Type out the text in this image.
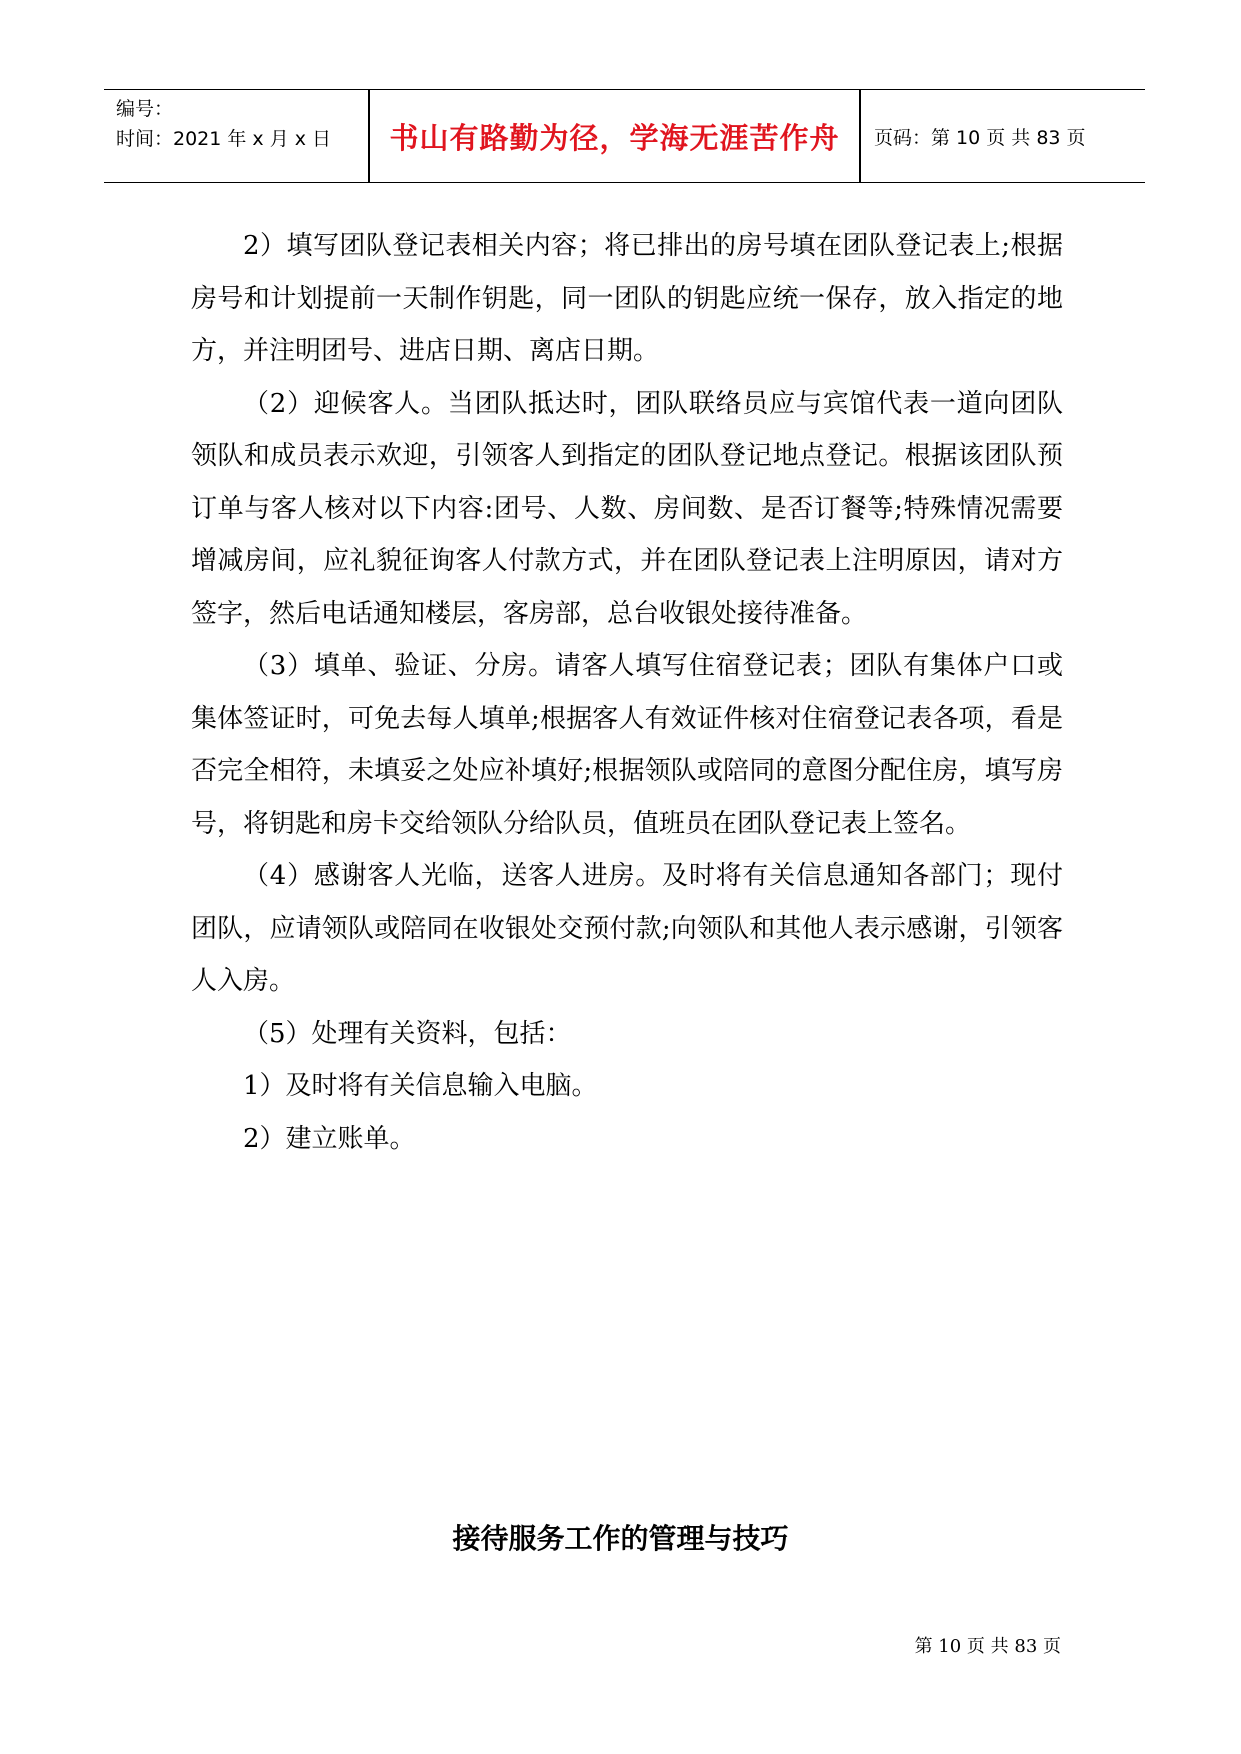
编号：
时间：2021 年 x 月 x 日	书山有路勤为径，学海无涯苦作舟	页码：第 10 页 共 83 页

2）填写团队登记表相关内容；将已排出的房号填在团队登记表上;根据房号和计划提前一天制作钥匙，同一团队的钥匙应统一保存，放入指定的地方，并注明团号、进店日期、离店日期。

（2）迎候客人。当团队抵达时，团队联络员应与宾馆代表一道向团队领队和成员表示欢迎，引领客人到指定的团队登记地点登记。根据该团队预订单与客人核对以下内容:团号、人数、房间数、是否订餐等;特殊情况需要增减房间，应礼貌征询客人付款方式，并在团队登记表上注明原因，请对方签字，然后电话通知楼层，客房部，总台收银处接待准备。

（3）填单、验证、分房。请客人填写住宿登记表；团队有集体户口或集体签证时，可免去每人填单;根据客人有效证件核对住宿登记表各项，看是否完全相符，未填妥之处应补填好;根据领队或陪同的意图分配住房，填写房号，将钥匙和房卡交给领队分给队员，值班员在团队登记表上签名。

（4）感谢客人光临，送客人进房。及时将有关信息通知各部门；现付团队，应请领队或陪同在收银处交预付款;向领队和其他人表示感谢，引领客人入房。

（5）处理有关资料，包括：

1）及时将有关信息输入电脑。

2）建立账单。

接待服务工作的管理与技巧
第 10 页 共 83 页
